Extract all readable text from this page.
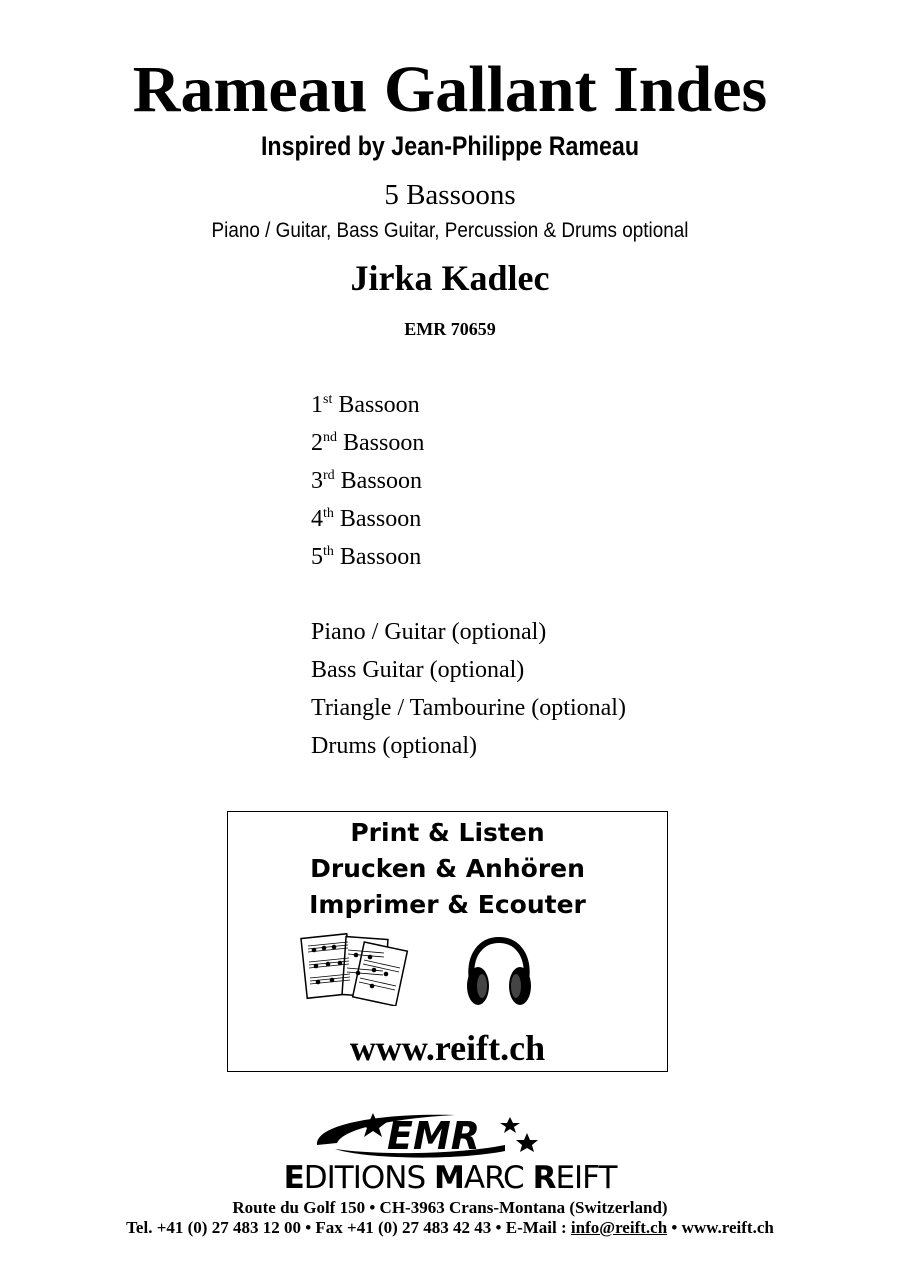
Rameau Gallant Indes
Inspired by Jean-Philippe Rameau
5 Bassoons
Piano / Guitar, Bass Guitar, Percussion & Drums optional
Jirka Kadlec
EMR 70659
1st Bassoon
2nd Bassoon
3rd Bassoon
4th Bassoon
5th Bassoon
Piano / Guitar (optional)
Bass Guitar (optional)
Triangle / Tambourine (optional)
Drums (optional)
Print & Listen
Drucken & Anhören
Imprimer & Ecouter
www.reift.ch
EMR
EDITIONS MARC REIFT
Route du Golf 150 • CH-3963 Crans-Montana (Switzerland)
Tel. +41 (0) 27 483 12 00 • Fax +41 (0) 27 483 42 43 • E-Mail : info@reift.ch • www.reift.ch
